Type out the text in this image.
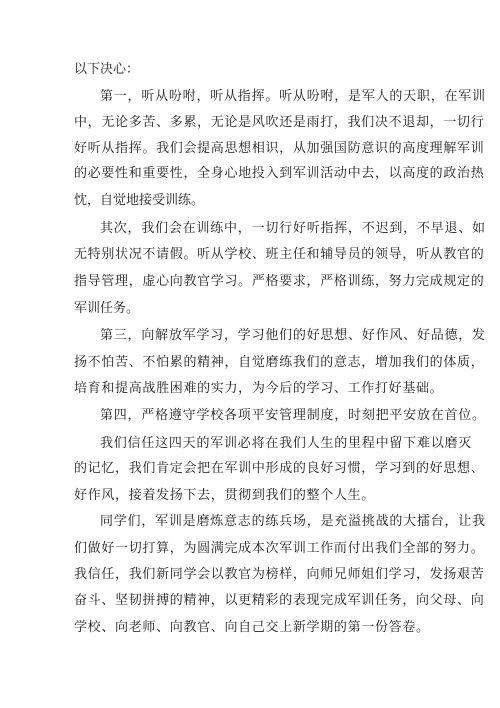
以下决心：
第一，听从吩咐，听从指挥。听从吩咐，是军人的天职，在军训
中，无论多苦、多累，无论是风吹还是雨打，我们决不退却，一切行
好听从指挥。我们会提高思想相识，从加强国防意识的高度理解军训
的必要性和重要性，全身心地投入到军训活动中去，以高度的政治热
忱，自觉地接受训练。
其次，我们会在训练中，一切行好听指挥，不迟到，不早退、如
无特别状况不请假。听从学校、班主任和辅导员的领导，听从教官的
指导管理，虚心向教官学习。严格要求，严格训练，努力完成规定的
军训任务。
第三，向解放军学习，学习他们的好思想、好作风、好品德，发
扬不怕苦、不怕累的精神，自觉磨练我们的意志，增加我们的体质，
培育和提高战胜困难的实力，为今后的学习、工作打好基础。
第四，严格遵守学校各项平安管理制度，时刻把平安放在首位。
我们信任这四天的军训必将在我们人生的里程中留下难以磨灭
的记忆，我们肯定会把在军训中形成的良好习惯，学习到的好思想、
好作风，接着发扬下去，贯彻到我们的整个人生。
同学们，军训是磨炼意志的练兵场，是充溢挑战的大擂台，让我
们做好一切打算，为圆满完成本次军训工作而付出我们全部的努力。
我信任，我们新同学会以教官为榜样，向师兄师姐们学习，发扬艰苦
奋斗、坚韧拼搏的精神，以更精彩的表现完成军训任务，向父母、向
学校、向老师、向教官、向自己交上新学期的第一份答卷。
